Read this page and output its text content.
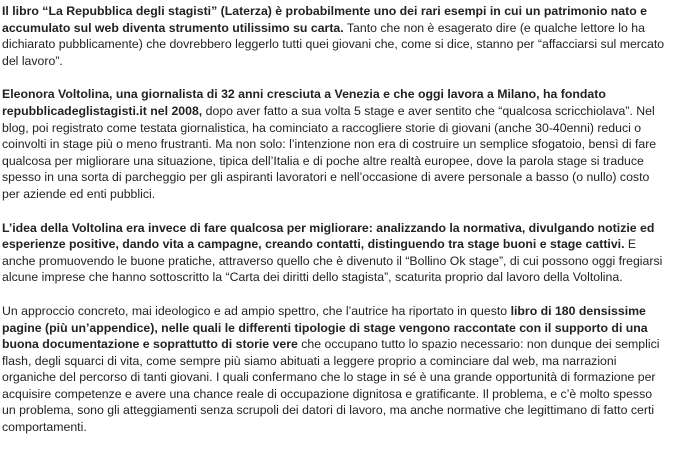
Il libro “La Repubblica degli stagisti” (Laterza) è probabilmente uno dei rari esempi in cui un patrimonio nato e accumulato sul web diventa strumento utilissimo su carta. Tanto che non è esagerato dire (e qualche lettore lo ha dichiarato pubblicamente) che dovrebbero leggerlo tutti quei giovani che, come si dice, stanno per “affacciarsi sul mercato del lavoro”.

Eleonora Voltolina, una giornalista di 32 anni cresciuta a Venezia e che oggi lavora a Milano, ha fondato repubblicadeglistagisti.it nel 2008, dopo aver fatto a sua volta 5 stage e aver sentito che “qualcosa scricchiolava”. Nel blog, poi registrato come testata giornalistica, ha cominciato a raccogliere storie di giovani (anche 30-40enni) reduci o coinvolti in stage più o meno frustranti. Ma non solo: l’intenzione non era di costruire un semplice sfogatoio, bensì di fare qualcosa per migliorare una situazione, tipica dell’Italia e di poche altre realtà europee, dove la parola stage si traduce spesso in una sorta di parcheggio per gli aspiranti lavoratori e nell’occasione di avere personale a basso (o nullo) costo per aziende ed enti pubblici.

L’idea della Voltolina era invece di fare qualcosa per migliorare: analizzando la normativa, divulgando notizie ed esperienze positive, dando vita a campagne, creando contatti, distinguendo tra stage buoni e stage cattivi. E anche promuovendo le buone pratiche, attraverso quello che è divenuto il “Bollino Ok stage”, di cui possono oggi fregiarsi alcune imprese che hanno sottoscritto la “Carta dei diritti dello stagista”, scaturita proprio dal lavoro della Voltolina.

Un approccio concreto, mai ideologico e ad ampio spettro, che l’autrice ha riportato in questo libro di 180 densissime pagine (più un’appendice), nelle quali le differenti tipologie di stage vengono raccontate con il supporto di una buona documentazione e soprattutto di storie vere che occupano tutto lo spazio necessario: non dunque dei semplici flash, degli squarci di vita, come sempre più siamo abituati a leggere proprio a cominciare dal web, ma narrazioni organiche del percorso di tanti giovani. I quali confermano che lo stage in sé è una grande opportunità di formazione per acquisire competenze e avere una chance reale di occupazione dignitosa e gratificante. Il problema, e c’è molto spesso un problema, sono gli atteggiamenti senza scrupoli dei datori di lavoro, ma anche normative che legittimano di fatto certi comportamenti.
